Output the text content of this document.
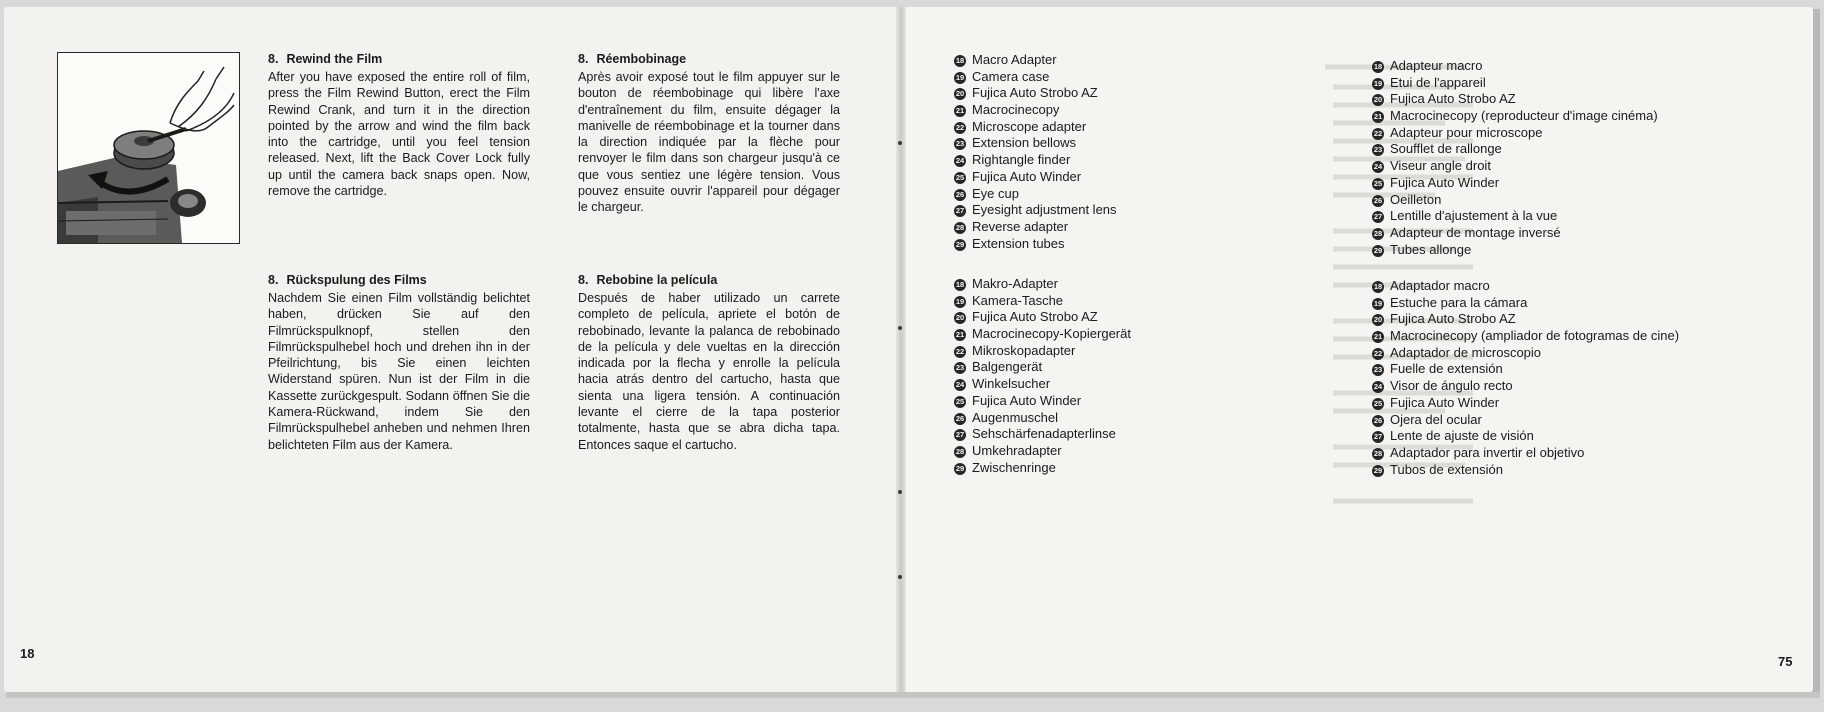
8. Rewind the Film

After you have exposed the entire roll of film, press the Film Rewind Button, erect the Film Rewind Crank, and turn it in the direction pointed by the arrow and wind the film back into the cartridge, until you feel tension released. Next, lift the Back Cover Lock fully up until the camera back snaps open. Now, remove the cartridge.

8. Rückspulung des Films

Nachdem Sie einen Film vollständig belichtet haben, drücken Sie auf den Filmrückspulknopf, stellen den Filmrückspulhebel hoch und drehen ihn in der Pfeilrichtung, bis Sie einen leichten Widerstand spüren. Nun ist der Film in die Kassette zurückgespult. Sodann öffnen Sie die Kamera-Rückwand, indem Sie den Filmrückspulhebel anheben und nehmen Ihren belichteten Film aus der Kamera.

8. Réembobinage

Après avoir exposé tout le film appuyer sur le bouton de réembobinage qui libère l'axe d'entraînement du film, ensuite dégager la manivelle de réembobinage et la tourner dans la direction indiquée par la flèche pour renvoyer le film dans son chargeur jusqu'à ce que vous sentiez une légère tension. Vous pouvez ensuite ouvrir l'appareil pour dégager le chargeur.

8. Rebobine la película

Después de haber utilizado un carrete completo de película, apriete el botón de rebobinado, levante la palanca de rebobinado de la película y dele vueltas en la dirección indicada por la flecha y enrolle la película hacia atrás dentro del cartucho, hasta que sienta una ligera tensión. A continuación levante el cierre de la tapa posterior totalmente, hasta que se abra dicha tapa. Entonces saque el cartucho.

18
75
18 Macro Adapter
19 Camera case
20 Fujica Auto Strobo AZ
21 Macrocinecopy
22 Microscope adapter
23 Extension bellows
24 Rightangle finder
25 Fujica Auto Winder
26 Eye cup
27 Eyesight adjustment lens
28 Reverse adapter
29 Extension tubes
18 Makro-Adapter
19 Kamera-Tasche
20 Fujica Auto Strobo AZ
21 Macrocinecopy-Kopiergerät
22 Mikroskopadapter
23 Balgengerät
24 Winkelsucher
25 Fujica Auto Winder
26 Augenmuschel
27 Sehschärfenadapterlinse
28 Umkehradapter
29 Zwischenringe
18 Adapteur macro
19 Etui de l'appareil
20 Fujica Auto Strobo AZ
21 Macrocinecopy (reproducteur d'image cinéma)
22 Adapteur pour microscope
23 Soufflet de rallonge
24 Viseur angle droit
25 Fujica Auto Winder
26 Oeilleton
27 Lentille d'ajustement à la vue
28 Adapteur de montage inversé
29 Tubes allonge
18 Adaptador macro
19 Estuche para la cámara
20 Fujica Auto Strobo AZ
21 Macrocinecopy (ampliador de fotogramas de cine)
22 Adaptador de microscopio
23 Fuelle de extensión
24 Visor de ángulo recto
25 Fujica Auto Winder
26 Ojera del ocular
27 Lente de ajuste de visión
28 Adaptador para invertir el objetivo
29 Tubos de extensión
